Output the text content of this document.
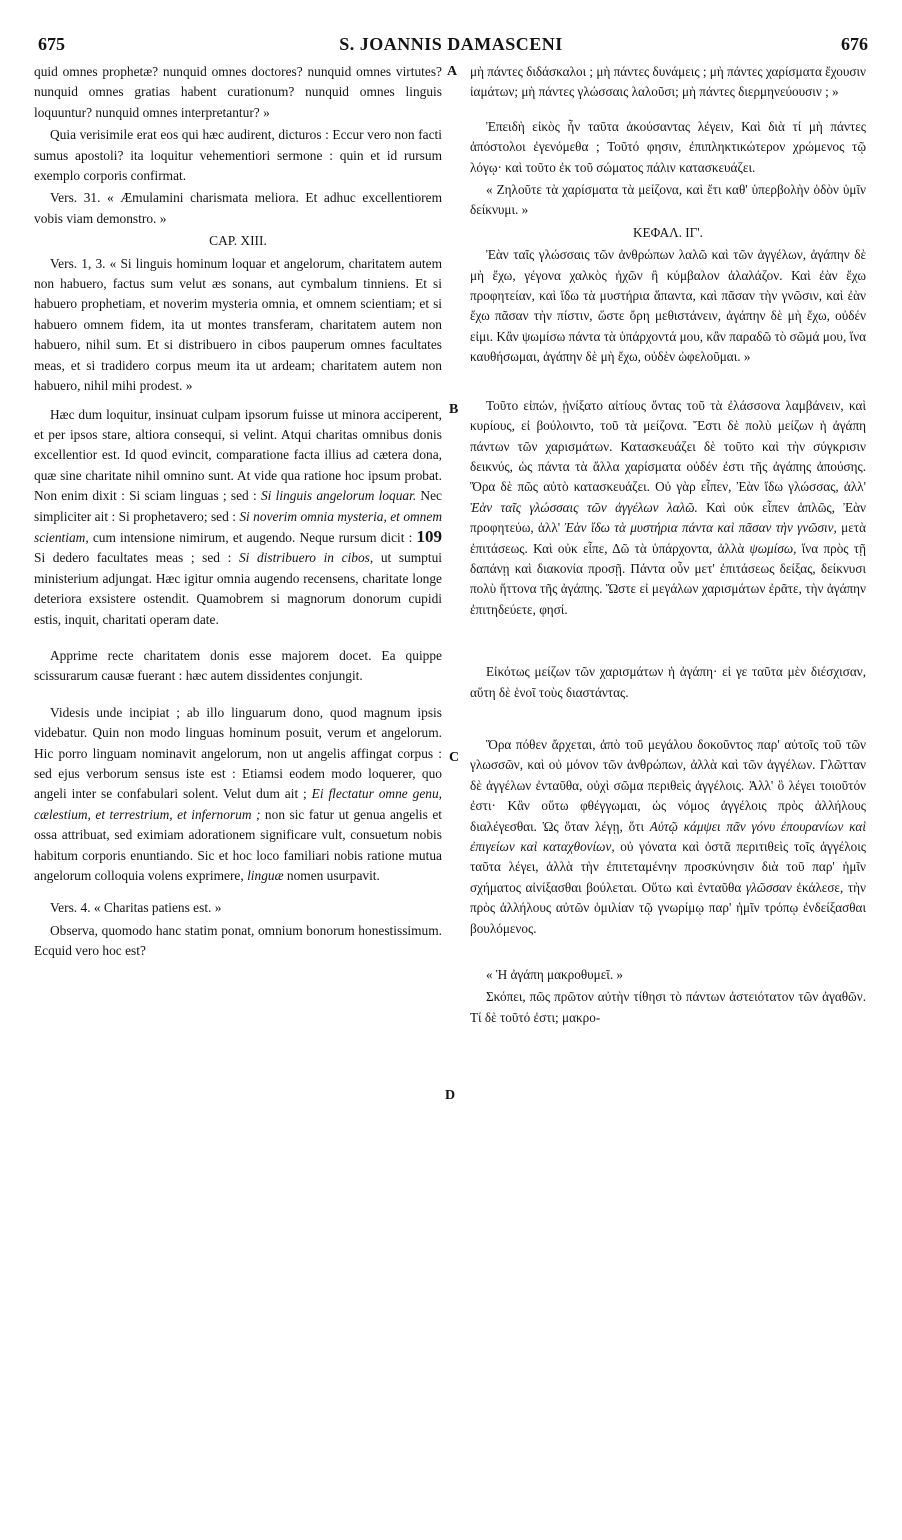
675	S. JOANNIS DAMASCENI	676
A
B
C
D

quid omnes prophetæ? nunquid omnes doctores? nunquid omnes virtutes? nunquid omnes gratias habent curationum? nunquid omnes linguis loquuntur? nunquid omnes interpretantur? »

Quia verisimile erat eos qui hæc audirent, dicturos : Eccur vero non facti sumus apostoli? ita loquitur vehementiori sermone : quin et id rursum exemplo corporis confirmat.

Vers. 31. « Æmulamini charismata meliora. Et adhuc excellentiorem vobis viam demonstro. »

CAP. XIII.

Vers. 1, 3. « Si linguis hominum loquar et angelorum, charitatem autem non habuero, factus sum velut æs sonans, aut cymbalum tinniens. Et si habuero prophetiam, et noverim mysteria omnia, et omnem scientiam; et si habuero omnem fidem, ita ut montes transferam, charitatem autem non habuero, nihil sum. Et si distribuero in cibos pauperum omnes facultates meas, et si tradidero corpus meum ita ut ardeam; charitatem autem non habuero, nihil mihi prodest. »

Hæc dum loquitur, insinuat culpam ipsorum fuisse ut minora acciperent, et per ipsos stare, altiora consequi, si velint. Atqui charitas omnibus donis excellentior est. Id quod evincit, comparatione facta illius ad cætera dona, quæ sine charitate nihil omnino sunt. At vide qua ratione hoc ipsum probat. Non enim dixit : Si sciam linguas ; sed : Si linguis angelorum loquar. Nec simpliciter ait : Si prophetavero; sed : Si noverim omnia mysteria, et omnem scientiam, cum intensione nimirum, et augendo. Neque rursum dicit : 109 Si dedero facultates meas ; sed : Si distribuero in cibos, ut sumptui ministerium adjungat. Hæc igitur omnia augendo recensens, charitate longe deteriora exsistere ostendit. Quamobrem si magnorum donorum cupidi estis, inquit, charitati operam date.

Apprime recte charitatem donis esse majorem docet. Ea quippe scissurarum causæ fuerant : hæc autem dissidentes conjungit.

Videsis unde incipiat ; ab illo linguarum dono, quod magnum ipsis videbatur. Quin non modo linguas hominum posuit, verum et angelorum. Hic porro linguam nominavit angelorum, non ut angelis affingat corpus : sed ejus verborum sensus iste est : Etiamsi eodem modo loquerer, quo angeli inter se confabulari solent. Velut dum ait ; Ei flectatur omne genu, cælestium, et terrestrium, et infernorum ; non sic fatur ut genua angelis et ossa attribuat, sed eximiam adorationem significare vult, consuetum nobis habitum corporis enuntiando. Sic et hoc loco familiari nobis ratione mutua angelorum colloquia volens exprimere, linguæ nomen usurpavit.

Vers. 4. « Charitas patiens est. »

Observa, quomodo hanc statim ponat, omnium bonorum honestissimum. Ecquid vero hoc est?

μὴ πάντες διδάσκαλοι ; μὴ πάντες δυνάμεις ; μὴ πάντες χαρίσματα ἔχουσιν ἰαμάτων; μὴ πάντες γλώσσαις λαλοῦσι; μὴ πάντες διερμηνεύουσιν ; »

Ἐπειδὴ εἰκὸς ἦν ταῦτα ἀκούσαντας λέγειν, Καὶ διὰ τί μὴ πάντες ἀπόστολοι ἐγενόμεθα ; Τοῦτό φησιν, ἐπιπληκτικώτερον χρώμενος τῷ λόγῳ· καὶ τοῦτο ἐκ τοῦ σώματος πάλιν κατασκευάζει.

« Ζηλοῦτε τὰ χαρίσματα τὰ μείζονα, καὶ ἔτι καθ' ὑπερβολὴν ὁδὸν ὑμῖν δείκνυμι. »

ΚΕΦΑΛ. ΙΓ'.

Ἐὰν ταῖς γλώσσαις τῶν ἀνθρώπων λαλῶ καὶ τῶν ἀγγέλων, ἀγάπην δὲ μὴ ἔχω, γέγονα χαλκὸς ἠχῶν ἢ κύμβαλον ἀλαλάζον. Καὶ ἐὰν ἔχω προφητείαν, καὶ ἴδω τὰ μυστήρια ἅπαντα, καὶ πᾶσαν τὴν γνῶσιν, καὶ ἐὰν ἔχω πᾶσαν τὴν πίστιν, ὥστε ὄρη μεθιστάνειν, ἀγάπην δὲ μὴ ἔχω, οὐδέν εἰμι. Κἂν ψωμίσω πάντα τὰ ὑπάρχοντά μου, κἂν παραδῶ τὸ σῶμά μου, ἵνα καυθήσωμαι, ἀγάπην δὲ μὴ ἔχω, οὐδὲν ὠφελοῦμαι. »

Τοῦτο εἰπών, ᾐνίξατο αἰτίους ὄντας τοῦ τὰ ἐλάσσονα λαμβάνειν, καὶ κυρίους, εἰ βούλοιντο, τοῦ τὰ μείζονα. Ἔστι δὲ πολὺ μείζων ἡ ἀγάπη πάντων τῶν χαρισμάτων. Κατασκευάζει δὲ τοῦτο καὶ τὴν σύγκρισιν δεικνύς, ὡς πάντα τὰ ἄλλα χαρίσματα οὐδέν ἐστι τῆς ἀγάπης ἀπούσης. Ὅρα δὲ πῶς αὐτὸ κατασκευάζει. Οὐ γὰρ εἶπεν, Ἐὰν ἴδω γλώσσας, ἀλλ' Ἐὰν ταῖς γλώσσαις τῶν ἀγγέλων λαλῶ. Καὶ οὐκ εἶπεν ἁπλῶς, Ἐὰν προφητεύω, ἀλλ' Ἐὰν ἴδω τὰ μυστήρια πάντα καὶ πᾶσαν τὴν γνῶσιν, μετὰ ἐπιτάσεως. Καὶ οὐκ εἶπε, Δῶ τὰ ὑπάρχοντα, ἀλλὰ ψωμίσω, ἵνα πρὸς τῇ δαπάνῃ καὶ διακονία προσῇ. Πάντα οὖν μετ' ἐπιτάσεως δείξας, δείκνυσι πολὺ ἥττονα τῆς ἀγάπης. Ὥστε εἰ μεγάλων χαρισμάτων ἐρᾶτε, τὴν ἀγάπην ἐπιτηδεύετε, φησί.

Εἰκότως μείζων τῶν χαρισμάτων ἡ ἀγάπη· εἰ γε ταῦτα μὲν διέσχισαν, αὕτη δὲ ἑνοῖ τοὺς διαστάντας.

Ὅρα πόθεν ἄρχεται, ἀπὸ τοῦ μεγάλου δοκοῦντος παρ' αὐτοῖς τοῦ τῶν γλωσσῶν, καὶ οὐ μόνον τῶν ἀνθρώπων, ἀλλὰ καὶ τῶν ἀγγέλων. Γλῶτταν δὲ ἀγγέλων ἐνταῦθα, οὐχὶ σῶμα περιθεὶς ἀγγέλοις. Ἀλλ' ὃ λέγει τοιοῦτόν ἐστι· Κἂν οὕτω φθέγγωμαι, ὡς νόμος ἀγγέλοις πρὸς ἀλλήλους διαλέγεσθαι. Ὡς ὅταν λέγῃ, ὅτι Αὐτῷ κάμψει πᾶν γόνυ ἐπουρανίων καὶ ἐπιγείων καὶ καταχθονίων, οὐ γόνατα καὶ ὀστᾶ περιτιθεὶς τοῖς ἀγγέλοις ταῦτα λέγει, ἀλλὰ τὴν ἐπιτεταμένην προσκύνησιν διὰ τοῦ παρ' ἡμῖν σχήματος αἰνίξασθαι βούλεται. Οὕτω καὶ ἐνταῦθα γλῶσσαν ἐκάλεσε, τὴν πρὸς ἀλλήλους αὐτῶν ὁμιλίαν τῷ γνωρίμῳ παρ' ἡμῖν τρόπῳ ἐνδείξασθαι βουλόμενος.

« Ἡ ἀγάπη μακροθυμεῖ. »

Σκόπει, πῶς πρῶτον αὐτὴν τίθησι τὸ πάντων ἀστειότατον τῶν ἀγαθῶν. Τί δὲ τοῦτό ἐστι; μακρο-
